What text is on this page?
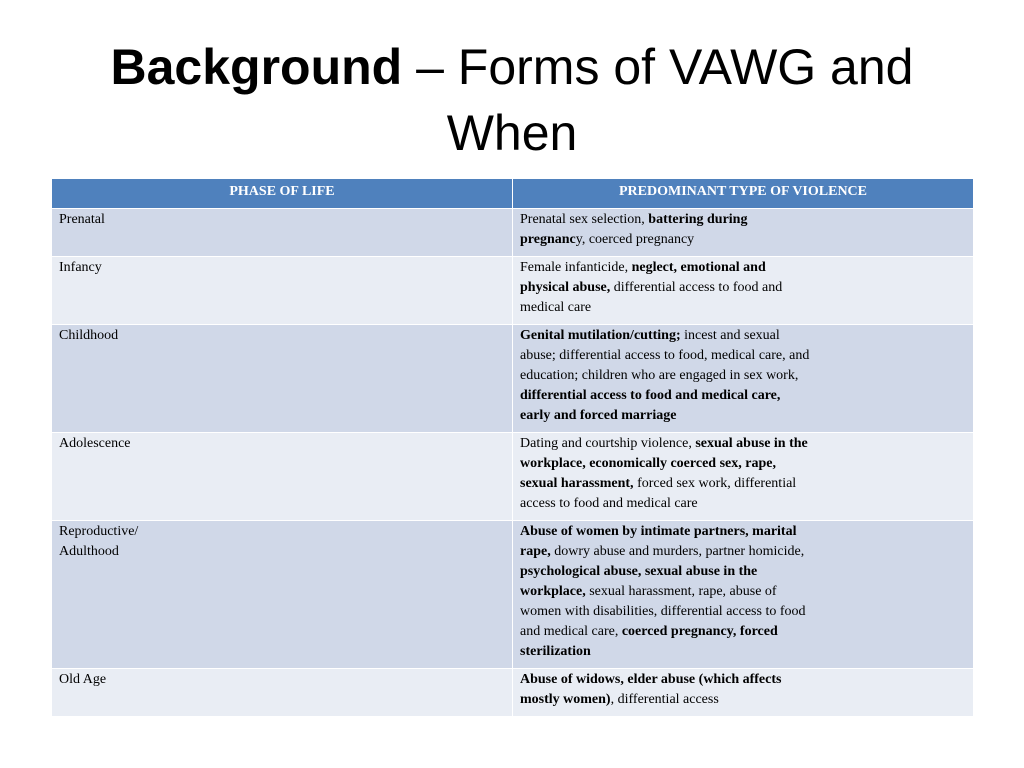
Background – Forms of VAWG and When
PHASE OF LIFE	PREDOMINANT TYPE OF VIOLENCE

Prenatal	Prenatal sex selection, battering during pregnancy, coerced pregnancy

Infancy	Female infanticide, neglect, emotional and physical abuse, differential access to food and medical care

Childhood	Genital mutilation/cutting; incest and sexual abuse; differential access to food, medical care, and education; children who are engaged in sex work, differential access to food and medical care, early and forced marriage

Adolescence	Dating and courtship violence, sexual abuse in the workplace, economically coerced sex, rape, sexual harassment, forced sex work, differential access to food and medical care

Reproductive/
Adulthood	Abuse of women by intimate partners, marital rape, dowry abuse and murders, partner homicide, psychological abuse, sexual abuse in the workplace, sexual harassment, rape, abuse of women with disabilities, differential access to food and medical care, coerced pregnancy, forced sterilization

Old Age	Abuse of widows, elder abuse (which affects mostly women), differential access
